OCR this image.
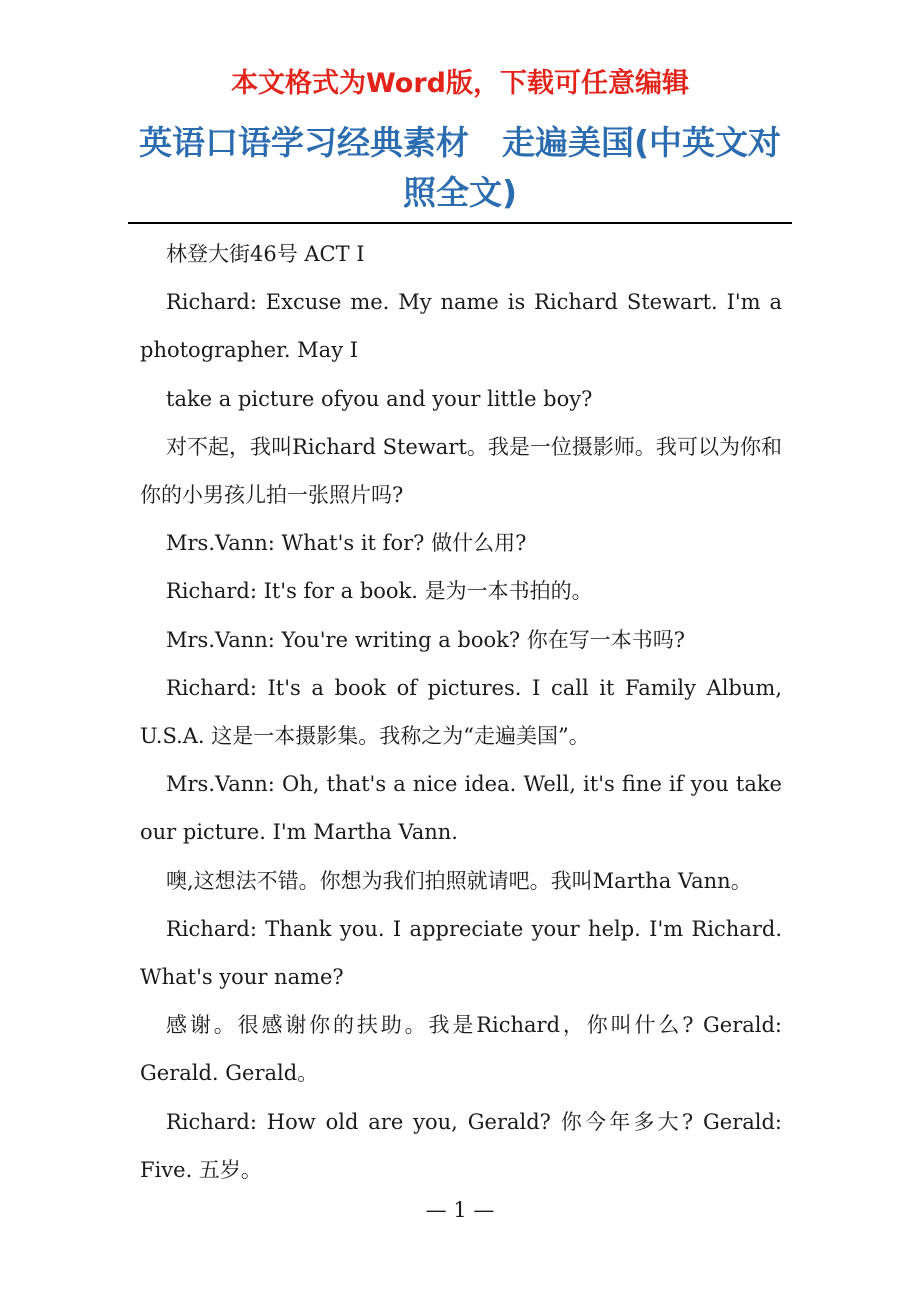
本文格式为Word版，下载可任意编辑
英语口语学习经典素材　走遍美国(中英文对照全文)

林登大街46号 ACT I

Richard: Excuse me. My name is Richard Stewart. I'm a photographer. May I

take a picture ofyou and your little boy?

对不起，我叫Richard Stewart。我是一位摄影师。我可以为你和你的小男孩儿拍一张照片吗?

Mrs.Vann: What's it for? 做什么用?

Richard: It's for a book. 是为一本书拍的。

Mrs.Vann: You're writing a book? 你在写一本书吗?

Richard: It's a book of pictures. I call it Family Album, U.S.A. 这是一本摄影集。我称之为“走遍美国”。

Mrs.Vann: Oh, that's a nice idea. Well, it's fine if you take our picture. I'm Martha Vann.

噢,这想法不错。你想为我们拍照就请吧。我叫Martha Vann。

Richard: Thank you. I appreciate your help. I'm Richard. What's your name?

感谢。很感谢你的扶助。我是Richard，你叫什么? Gerald: Gerald. Gerald。

Richard: How old are you, Gerald? 你今年多大? Gerald: Five. 五岁。

— 1 —
